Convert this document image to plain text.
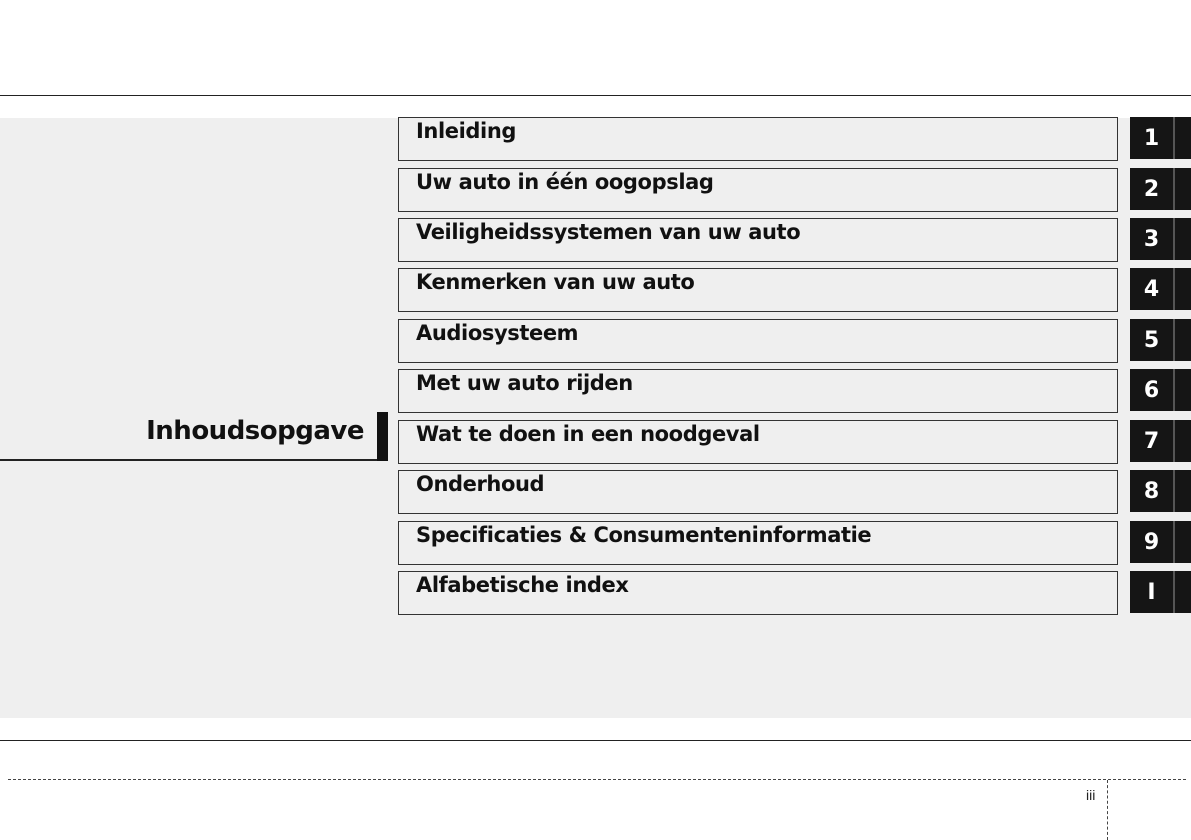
Inhoudsopgave
Inleiding	1
Uw auto in één oogopslag	2
Veiligheidssystemen van uw auto	3
Kenmerken van uw auto	4
Audiosysteem	5
Met uw auto rijden	6
Wat te doen in een noodgeval	7
Onderhoud	8
Specificaties & Consumenteninformatie	9
Alfabetische index	I
iii
